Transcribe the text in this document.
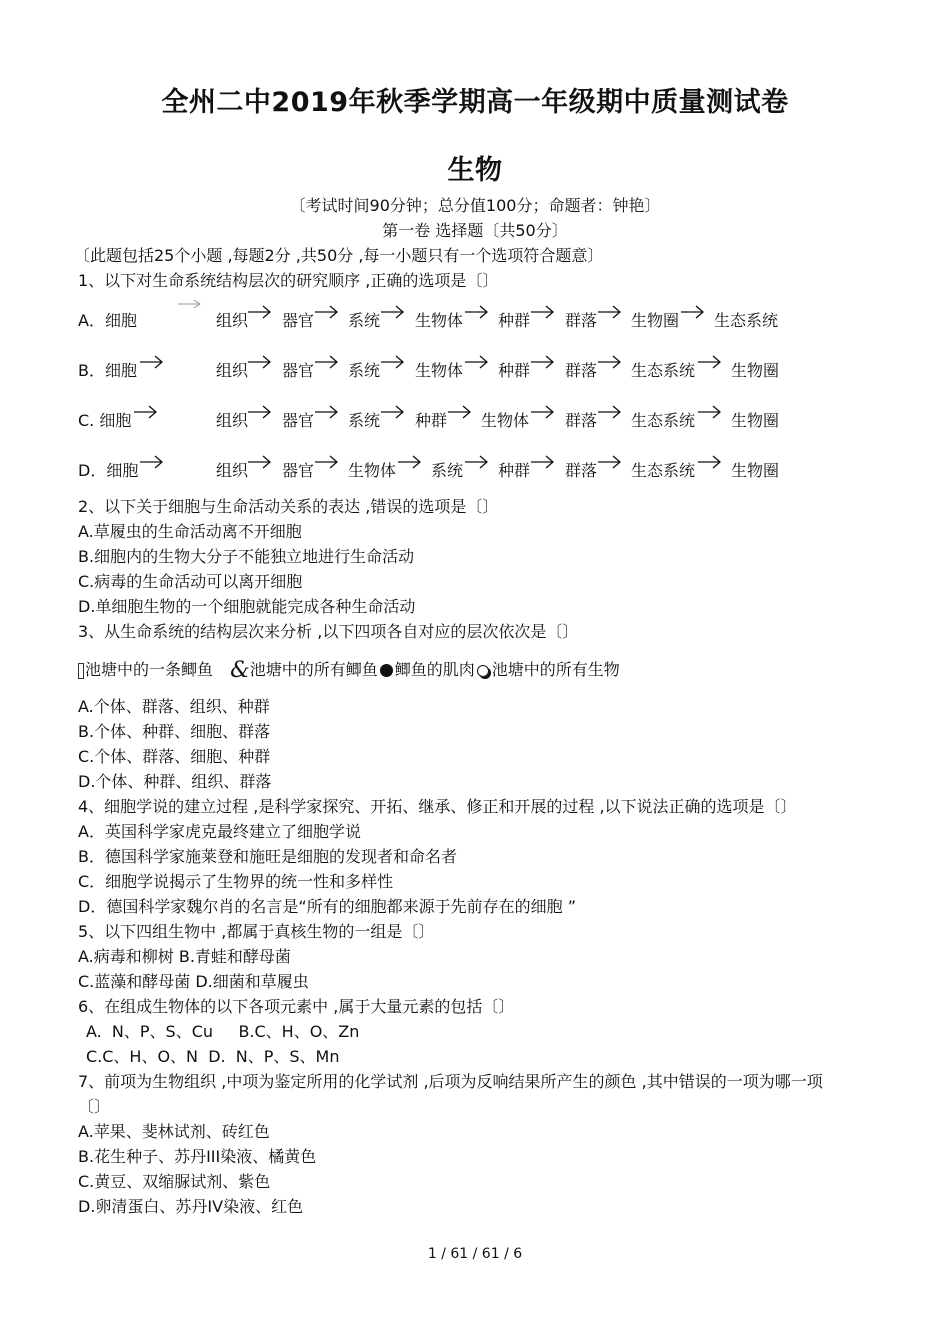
全州二中2019年秋季学期高一年级期中质量测试卷
生物
〔考试时间90分钟；总分值100分；命题者：钟艳〕
第一卷 选择题〔共50分〕
〔此题包括25个小题 ,每题2分 ,共50分 ,每一小题只有一个选项符合题意〕
1、以下对生命系统结构层次的研究顺序 ,正确的选项是〔〕
A．细胞	组织 器官 系统 生物体 种群 群落 生物圈 生态系统
B．细胞	组织 器官 系统 生物体 种群 群落 生态系统 生物圈
C. 细胞	组织 器官 系统 种群 生物体 群落 生态系统 生物圈
D．细胞	组织 器官 生物体 系统 种群 群落 生态系统 生物圈
2、以下关于细胞与生命活动关系的表达 ,错误的选项是〔〕
A.草履虫的生命活动离不开细胞
B.细胞内的生物大分子不能独立地进行生命活动
C.病毒的生命活动可以离开细胞
D.单细胞生物的一个细胞就能完成各种生命活动
3、从生命系统的结构层次来分析 ,以下四项各自对应的层次依次是〔〕
池塘中的一条鲫鱼 &池塘中的所有鲫鱼 鲫鱼的肌肉 池塘中的所有生物
A.个体、群落、组织、种群
B.个体、种群、细胞、群落
C.个体、群落、细胞、种群
D.个体、种群、组织、群落
4、细胞学说的建立过程 ,是科学家探究、开拓、继承、修正和开展的过程 ,以下说法正确的选项是〔〕
A．英国科学家虎克最终建立了细胞学说
B．德国科学家施莱登和施旺是细胞的发现者和命名者
C．细胞学说揭示了生物界的统一性和多样性
D．德国科学家魏尔肖的名言是“所有的细胞都来源于先前存在的细胞 ”
5、以下四组生物中 ,都属于真核生物的一组是〔〕
A.病毒和柳树 B.青蛙和酵母菌
C.蓝藻和酵母菌 D.细菌和草履虫
6、在组成生物体的以下各项元素中 ,属于大量元素的包括〔〕
A.  N、P、S、Cu     B.C、H、O、Zn
C.C、H、O、N  D.  N、P、S、Mn
7、前项为生物组织 ,中项为鉴定所用的化学试剂 ,后项为反响结果所产生的颜色 ,其中错误的一项为哪一项
〔〕
A.苹果、斐林试剂、砖红色
B.花生种子、苏丹III染液、橘黄色
C.黄豆、双缩脲试剂、紫色
D.卵清蛋白、苏丹IV染液、红色
1 / 61 / 61 / 6
